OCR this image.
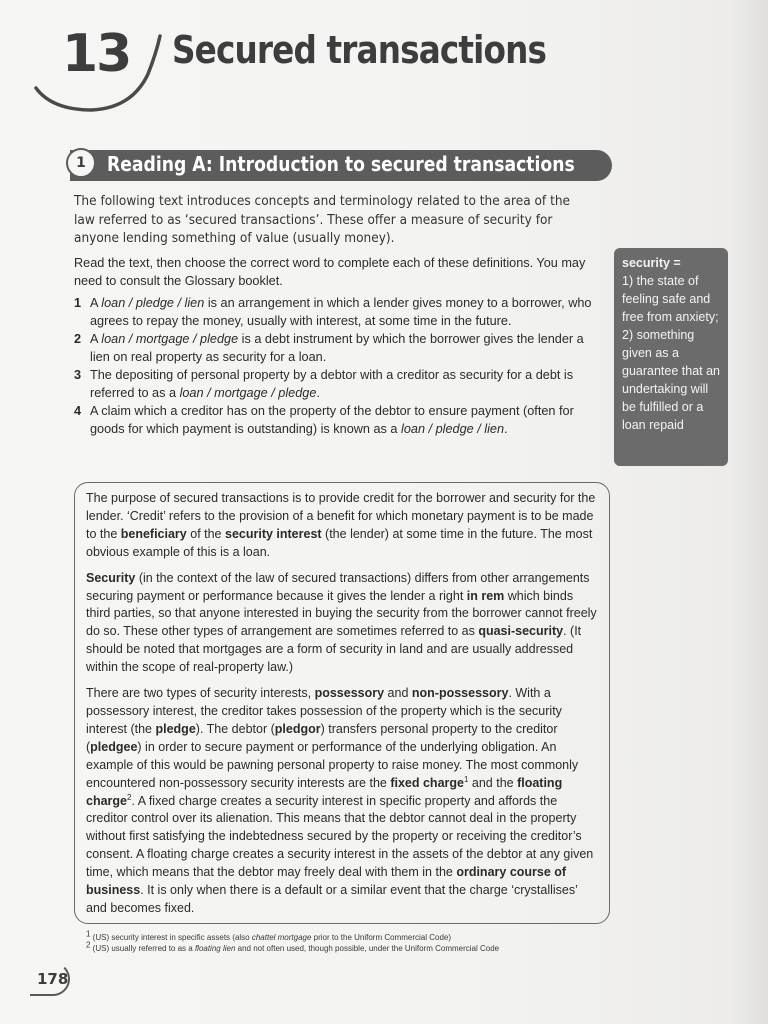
13 Secured transactions
1 Reading A: Introduction to secured transactions
The following text introduces concepts and terminology related to the area of the law referred to as ‘secured transactions’. These offer a measure of security for anyone lending something of value (usually money).
Read the text, then choose the correct word to complete each of these definitions. You may need to consult the Glossary booklet.
1 A loan / pledge / lien is an arrangement in which a lender gives money to a borrower, who agrees to repay the money, usually with interest, at some time in the future.
2 A loan / mortgage / pledge is a debt instrument by which the borrower gives the lender a lien on real property as security for a loan.
3 The depositing of personal property by a debtor with a creditor as security for a debt is referred to as a loan / mortgage / pledge.
4 A claim which a creditor has on the property of the debtor to ensure payment (often for goods for which payment is outstanding) is known as a loan / pledge / lien.
security =
1) the state of feeling safe and free from anxiety;
2) something given as a guarantee that an undertaking will be fulfilled or a loan repaid

The purpose of secured transactions is to provide credit for the borrower and security for the lender. ‘Credit’ refers to the provision of a benefit for which monetary payment is to be made to the beneficiary of the security interest (the lender) at some time in the future. The most obvious example of this is a loan.

Security (in the context of the law of secured transactions) differs from other arrangements securing payment or performance because it gives the lender a right in rem which binds third parties, so that anyone interested in buying the security from the borrower cannot freely do so. These other types of arrangement are sometimes referred to as quasi-security. (It should be noted that mortgages are a form of security in land and are usually addressed within the scope of real-property law.)

There are two types of security interests, possessory and non-possessory. With a possessory interest, the creditor takes possession of the property which is the security interest (the pledge). The debtor (pledgor) transfers personal property to the creditor (pledgee) in order to secure payment or performance of the underlying obligation. An example of this would be pawning personal property to raise money. The most commonly encountered non-possessory security interests are the fixed charge$^1$ and the floating charge$^2$. A fixed charge creates a security interest in specific property and affords the creditor control over its alienation. This means that the debtor cannot deal in the property without first satisfying the indebtedness secured by the property or receiving the creditor’s consent. A floating charge creates a security interest in the assets of the debtor at any given time, which means that the debtor may freely deal with them in the ordinary course of business. It is only when there is a default or a similar event that the charge ‘crystallises’ and becomes fixed.

$^1$ (US) security interest in specific assets (also chattel mortgage prior to the Uniform Commercial Code)
$^2$ (US) usually referred to as a floating lien and not often used, though possible, under the Uniform Commercial Code
178
